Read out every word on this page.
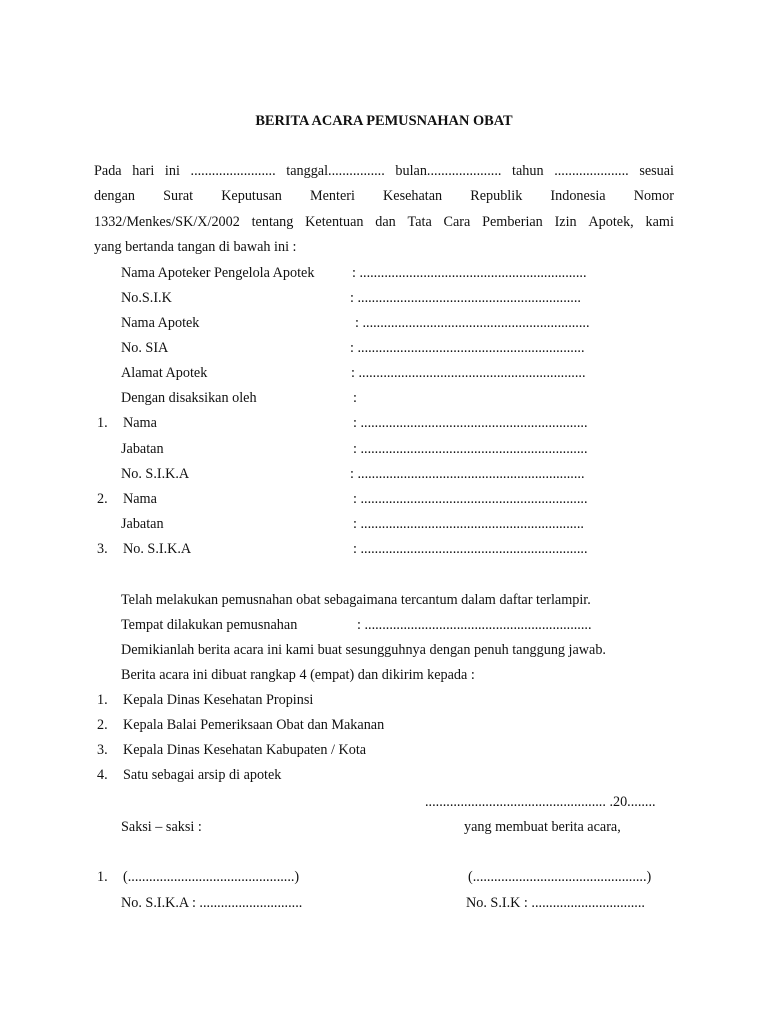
BERITA ACARA PEMUSNAHAN OBAT
Pada hari ini ........................ tanggal................ bulan..................... tahun ..................... sesuai
dengan Surat Keputusan Menteri Kesehatan Republik Indonesia Nomor
1332/Menkes/SK/X/2002 tentang Ketentuan dan Tata Cara Pemberian Izin Apotek, kami
yang bertanda tangan di bawah ini :
Nama Apoteker Pengelola Apotek	: ................................................................
No.S.I.K	: ...............................................................
Nama Apotek	: ................................................................
No. SIA	: ................................................................
Alamat Apotek	: ................................................................
Dengan disaksikan oleh	:
1. Nama	: ................................................................
Jabatan	: ................................................................
No. S.I.K.A	: ................................................................
2. Nama	: ................................................................
Jabatan	: ...............................................................
3. No. S.I.K.A	: ................................................................
Telah melakukan pemusnahan obat sebagaimana tercantum dalam daftar terlampir.
Tempat dilakukan pemusnahan	: ................................................................
Demikianlah berita acara ini kami buat sesungguhnya dengan penuh tanggung jawab.
Berita acara ini dibuat rangkap 4 (empat) dan dikirim kepada :
1. Kepala Dinas Kesehatan Propinsi
2. Kepala Balai Pemeriksaan Obat dan Makanan
3. Kepala Dinas Kesehatan Kabupaten / Kota
4. Satu sebagai arsip di apotek
................................................... .20........
Saksi – saksi :	yang membuat berita acara,
1. (...............................................)	(.................................................)
No. S.I.K.A : .............................	No. S.I.K : ................................
